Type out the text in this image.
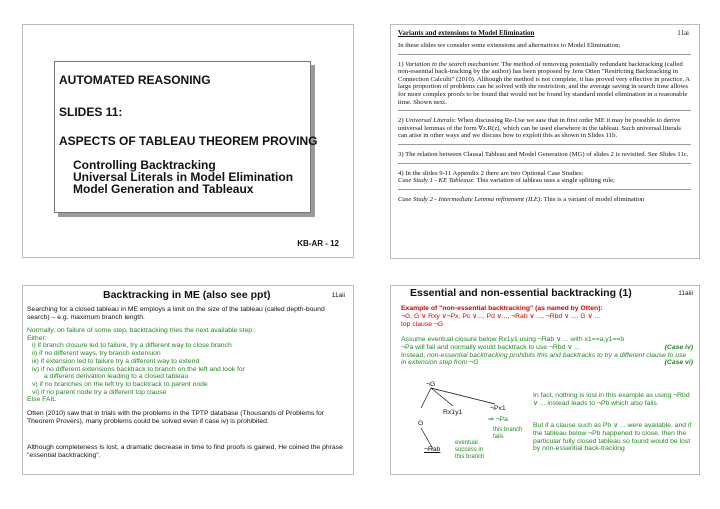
AUTOMATED REASONING
SLIDES 11:
ASPECTS OF TABLEAU THEOREM PROVING
Controlling Backtracking
Universal Literals in Model Elimination
Model Generation and Tableaux
KB-AR - 12
Variants and extensions to Model Elimination	11ai

In these slides we consider some extensions and alternatives to Model Elimination;

1) Variation in the search mechanism: The method of removing potentially redundant backtracking (called non-essential back-tracking by the author) has been proposed by Jens Otten "Restricting Backtracking in Connection Calculii" (2010). Although the method is not complete, it has proved very effective in practice. A large proportion of problems can be solved with the restriction, and the average saving in search time allows for more complex proofs to be found that would not be found by standard model elimination in a reasonable time. Shown next.

2) Universal Literals: When discussing Re-Use we saw that in first order ME it may be possible to derive universal lemmas of the form ∀z.R(z), which can be used elsewhere in the tableau. Such universal literals can arise in other ways and we discuss how to exploit this as shown in Slides 11b.

3) The relation between Clausal Tableau and Model Generation (MG) of slides 2 is revisited. See Slides 11c.

4) In the slides 9-11 Appendix 2 there are two Optional Case Studies:
Case Study 1 - KE Tableaux: This variation of tableau uses a single splitting rule;

Case Study 2 - Intermediate Lemma refinement (ILE): This is a variant of model elimination

Backtracking in ME (also see ppt)	11aii
Searching for a closed tableau in ME employs a limit on the size of the tableau (called depth-bound search) – e.g. maximum branch length.
Normally, on failure of some step, backtracking tries the next available step:
Either:
i) if branch closure led to failure, try a different way to close branch
ii) if no different ways, try branch extension
iii) if extension led to failure try a different way to extend
iv) if no different extensions backtrack to branch on the left and look for
a different derivation leading to a closed tableau
v) if no branches on the left try to backtrack to parent node
vi) if no parent node try a different top clause
Else FAIL
Otten (2010) saw that in trials with the problems in the TPTP database (Thousands of Problems for Theorem Provers), many problems could be solved even if case iv) is prohibited.
Although completeness is lost, a dramatic decrease in time to find proofs is gained. He coined the phrase "essential backtracking".
Essential and non-essential backtracking (1)	11aiii
Example of "non-essential backtracking" (as named by Otten):
¬G, G ∨ Rxy ∨¬Px, Pc ∨..., Pd ∨..., ¬Rab ∨ ..., ¬Rbd ∨ ..., G ∨ ...
top clause ¬G
Assume eventual closure below Rx1y1 using ¬Rab ∨ ... with x1==a,y1==b
(Case iv)
¬Pa will fail and normally would backtrack to use ¬Rbd ∨ ...
Instead, non-essential backtracking prohibits this and backtracks to try a different clause to use in extension step from ¬G	(Case vi)
¬G
G
Rx1y1
¬Px1
⇒ ¬Pa
this branch fails
¬Rab
eventual success in this branch
In fact, nothing is lost in this example as using ¬Rbd ∨ ... instead leads to ¬Pb which also fails.
But if a clause such as Pb ∨ ... were available, and if the tableau below ¬Pb happened to close, then the particular fully closed tableau so found would be lost by non-essential back-tracking
